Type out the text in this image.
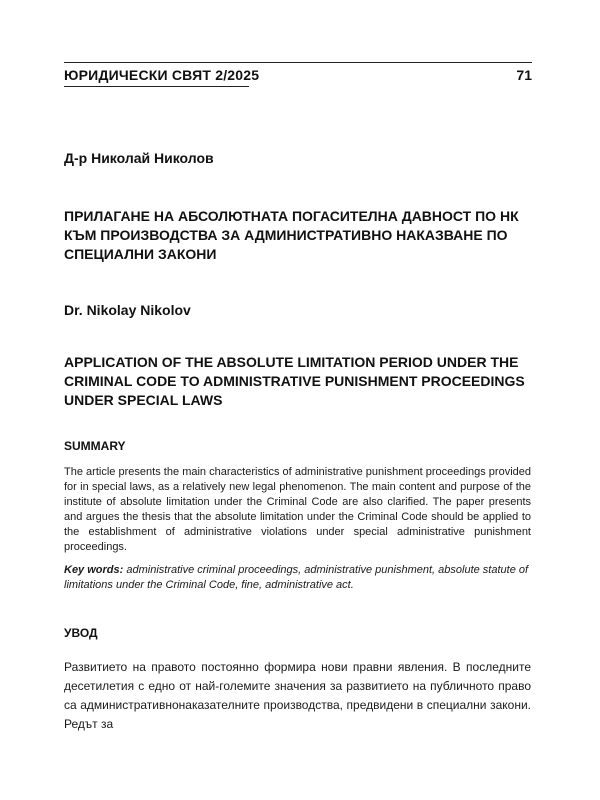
ЮРИДИЧЕСКИ СВЯТ 2/2025	71
Д-р Николай Николов
ПРИЛАГАНЕ НА АБСОЛЮТНАТА ПОГАСИТЕЛНА ДАВНОСТ ПО НК КЪМ ПРОИЗВОДСТВА ЗА АДМИНИСТРАТИВНО НАКАЗВАНЕ ПО СПЕЦИАЛНИ ЗАКОНИ
Dr. Nikolay Nikolov
APPLICATION OF THE ABSOLUTE LIMITATION PERIOD UNDER THE CRIMINAL CODE TO ADMINISTRATIVE PUNISHMENT PROCEEDINGS UNDER SPECIAL LAWS
SUMMARY
The article presents the main characteristics of administrative punishment proceedings provided for in special laws, as a relatively new legal phenomenon. The main content and purpose of the institute of absolute limitation under the Criminal Code are also clarified. The paper presents and argues the thesis that the absolute limitation under the Criminal Code should be applied to the establishment of administrative violations under special administrative punishment proceedings.
Key words: administrative criminal proceedings, administrative punishment, absolute statute of limitations under the Criminal Code, fine, administrative act.
УВОД
Развитието на правото постоянно формира нови правни явления. В последните десетилетия с едно от най-големите значения за развитието на публичното право са административнонаказателните производства, предвидени в специални закони. Редът за
